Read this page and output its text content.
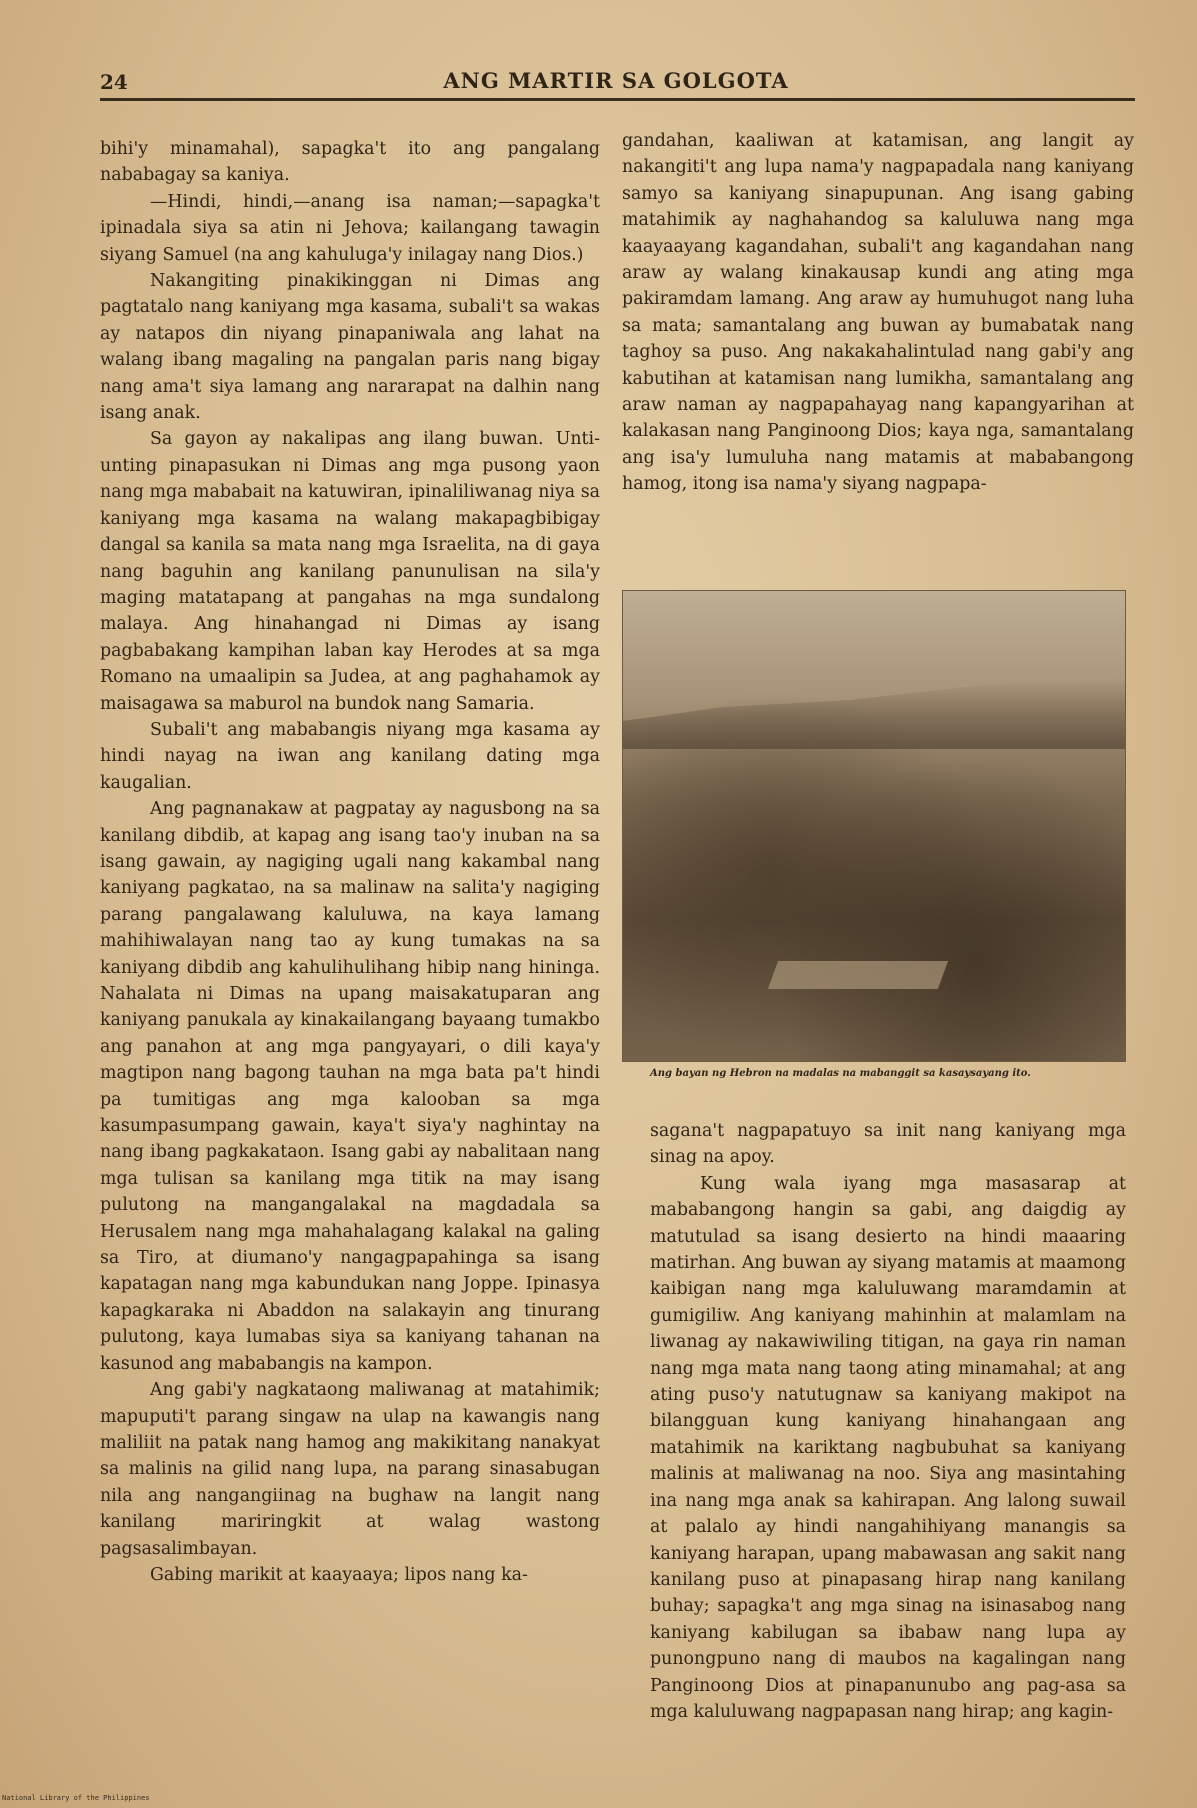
24	ANG MARTIR SA GOLGOTA

bihi'y minamahal), sapagka't ito ang pangalang nababagay sa kaniya.

—Hindi, hindi,—anang isa naman;—sapagka't ipinadala siya sa atin ni Jehova; kailangang tawagin siyang Samuel (na ang kahuluga'y inilagay nang Dios.)

Nakangiting pinakikinggan ni Dimas ang pagtatalo nang kaniyang mga kasama, subali't sa wakas ay natapos din niyang pinapaniwala ang lahat na walang ibang magaling na pangalan paris nang bigay nang ama't siya lamang ang nararapat na dalhin nang isang anak.

Sa gayon ay nakalipas ang ilang buwan. Unti-unting pinapasukan ni Dimas ang mga pusong yaon nang mga mababait na katuwiran, ipinaliliwanag niya sa kaniyang mga kasama na walang makapagbibigay dangal sa kanila sa mata nang mga Israelita, na di gaya nang baguhin ang kanilang panunulisan na sila'y maging matatapang at pangahas na mga sundalong malaya. Ang hinahangad ni Dimas ay isang pagbabakang kampihan laban kay Herodes at sa mga Romano na umaalipin sa Judea, at ang paghahamok ay maisagawa sa maburol na bundok nang Samaria.

Subali't ang mababangis niyang mga kasama ay hindi nayag na iwan ang kanilang dating mga kaugalian.

Ang pagnanakaw at pagpatay ay nagusbong na sa kanilang dibdib, at kapag ang isang tao'y inuban na sa isang gawain, ay nagiging ugali nang kakambal nang kaniyang pagkatao, na sa malinaw na salita'y nagiging parang pangalawang kaluluwa, na kaya lamang mahihiwalayan nang tao ay kung tumakas na sa kaniyang dibdib ang kahulihulihang hibip nang hininga. Nahalata ni Dimas na upang maisakatuparan ang kaniyang panukala ay kinakailangang bayaang tumakbo ang panahon at ang mga pangyayari, o dili kaya'y magtipon nang bagong tauhan na mga bata pa't hindi pa tumitigas ang mga kalooban sa mga kasumpasumpang gawain, kaya't siya'y naghintay na nang ibang pagkakataon. Isang gabi ay nabalitaan nang mga tulisan sa kanilang mga titik na may isang pulutong na mangangalakal na magdadala sa Herusalem nang mga mahahalagang kalakal na galing sa Tiro, at diumano'y nangagpapahinga sa isang kapatagan nang mga kabundukan nang Joppe. Ipinasya kapagkaraka ni Abaddon na salakayin ang tinurang pulutong, kaya lumabas siya sa kaniyang tahanan na kasunod ang mababangis na kampon.

Ang gabi'y nagkataong maliwanag at matahimik; mapuputi't parang singaw na ulap na kawangis nang maliliit na patak nang hamog ang makikitang nanakyat sa malinis na gilid nang lupa, na parang sinasabugan nila ang nangangiinag na bughaw na langit nang kanilang mariringkit at walag wastong pagsasalimbayan.

Gabing marikit at kaayaaya; lipos nang ka-

gandahan, kaaliwan at katamisan, ang langit ay nakangiti't ang lupa nama'y nagpapadala nang kaniyang samyo sa kaniyang sinapupunan. Ang isang gabing matahimik ay naghahandog sa kaluluwa nang mga kaayaayang kagandahan, subali't ang kagandahan nang araw ay walang kinakausap kundi ang ating mga pakiramdam lamang. Ang araw ay humuhugot nang luha sa mata; samantalang ang buwan ay bumabatak nang taghoy sa puso. Ang nakakahalintulad nang gabi'y ang kabutihan at katamisan nang lumikha, samantalang ang araw naman ay nagpapahayag nang kapangyarihan at kalakasan nang Panginoong Dios; kaya nga, samantalang ang isa'y lumuluha nang matamis at mababangong hamog, itong isa nama'y siyang nagpapa-

Ang bayan ng Hebron na madalas na mabanggit sa kasaysayang ito.

sagana't nagpapatuyo sa init nang kaniyang mga sinag na apoy.

Kung wala iyang mga masasarap at mababangong hangin sa gabi, ang daigdig ay matutulad sa isang desierto na hindi maaaring matirhan. Ang buwan ay siyang matamis at maamong kaibigan nang mga kaluluwang maramdamin at gumigiliw. Ang kaniyang mahinhin at malamlam na liwanag ay nakawiwiling titigan, na gaya rin naman nang mga mata nang taong ating minamahal; at ang ating puso'y natutugnaw sa kaniyang makipot na bilangguan kung kaniyang hinahangaan ang matahimik na kariktang nagbubuhat sa kaniyang malinis at maliwanag na noo. Siya ang masintahing ina nang mga anak sa kahirapan. Ang lalong suwail at palalo ay hindi nangahihiyang manangis sa kaniyang harapan, upang mabawasan ang sakit nang kanilang puso at pinapasang hirap nang kanilang buhay; sapagka't ang mga sinag na isinasabog nang kaniyang kabilugan sa ibabaw nang lupa ay punongpuno nang di maubos na kagalingan nang Panginoong Dios at pinapanunubo ang pag-asa sa mga kaluluwang nagpapasan nang hirap; ang kagin-

National Library of the Philippines
